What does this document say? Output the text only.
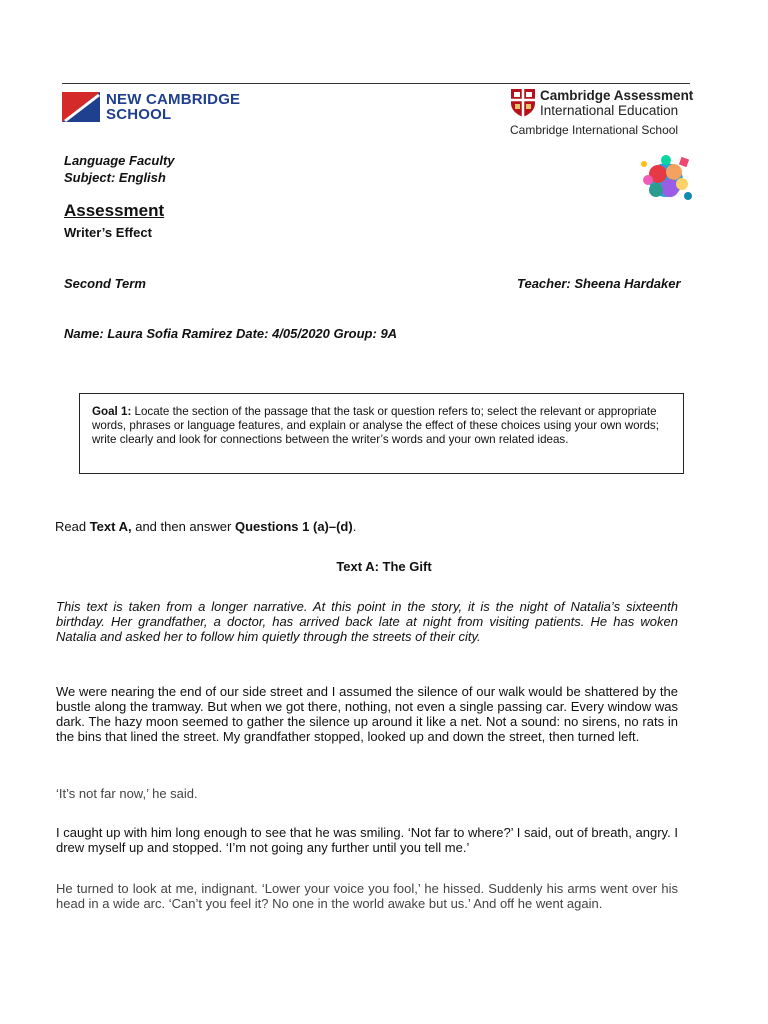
NEW CAMBRIDGE
SCHOOL
Cambridge Assessment
International Education
Cambridge International School
Language Faculty
Subject: English
Assessment
Writer’s Effect
Second Term	Teacher: Sheena Hardaker
Name: Laura Sofia Ramirez Date: 4/05/2020 Group: 9A
Goal 1: Locate the section of the passage that the task or question refers to; select the relevant or appropriate words, phrases or language features, and explain or analyse the effect of these choices using your own words; write clearly and look for connections between the writer’s words and your own related ideas.
Read Text A, and then answer Questions 1 (a)–(d).
Text A: The Gift
This text is taken from a longer narrative. At this point in the story, it is the night of Natalia’s sixteenth birthday. Her grandfather, a doctor, has arrived back late at night from visiting patients. He has woken Natalia and asked her to follow him quietly through the streets of their city.
We were nearing the end of our side street and I assumed the silence of our walk would be shattered by the bustle along the tramway. But when we got there, nothing, not even a single passing car. Every window was dark. The hazy moon seemed to gather the silence up around it like a net. Not a sound: no sirens, no rats in the bins that lined the street. My grandfather stopped, looked up and down the street, then turned left.
‘It’s not far now,’ he said.
I caught up with him long enough to see that he was smiling. ‘Not far to where?’ I said, out of breath, angry. I drew myself up and stopped. ‘I’m not going any further until you tell me.’
He turned to look at me, indignant. ‘Lower your voice you fool,’ he hissed. Suddenly his arms went over his head in a wide arc. ‘Can’t you feel it? No one in the world awake but us.’ And off he went again.
